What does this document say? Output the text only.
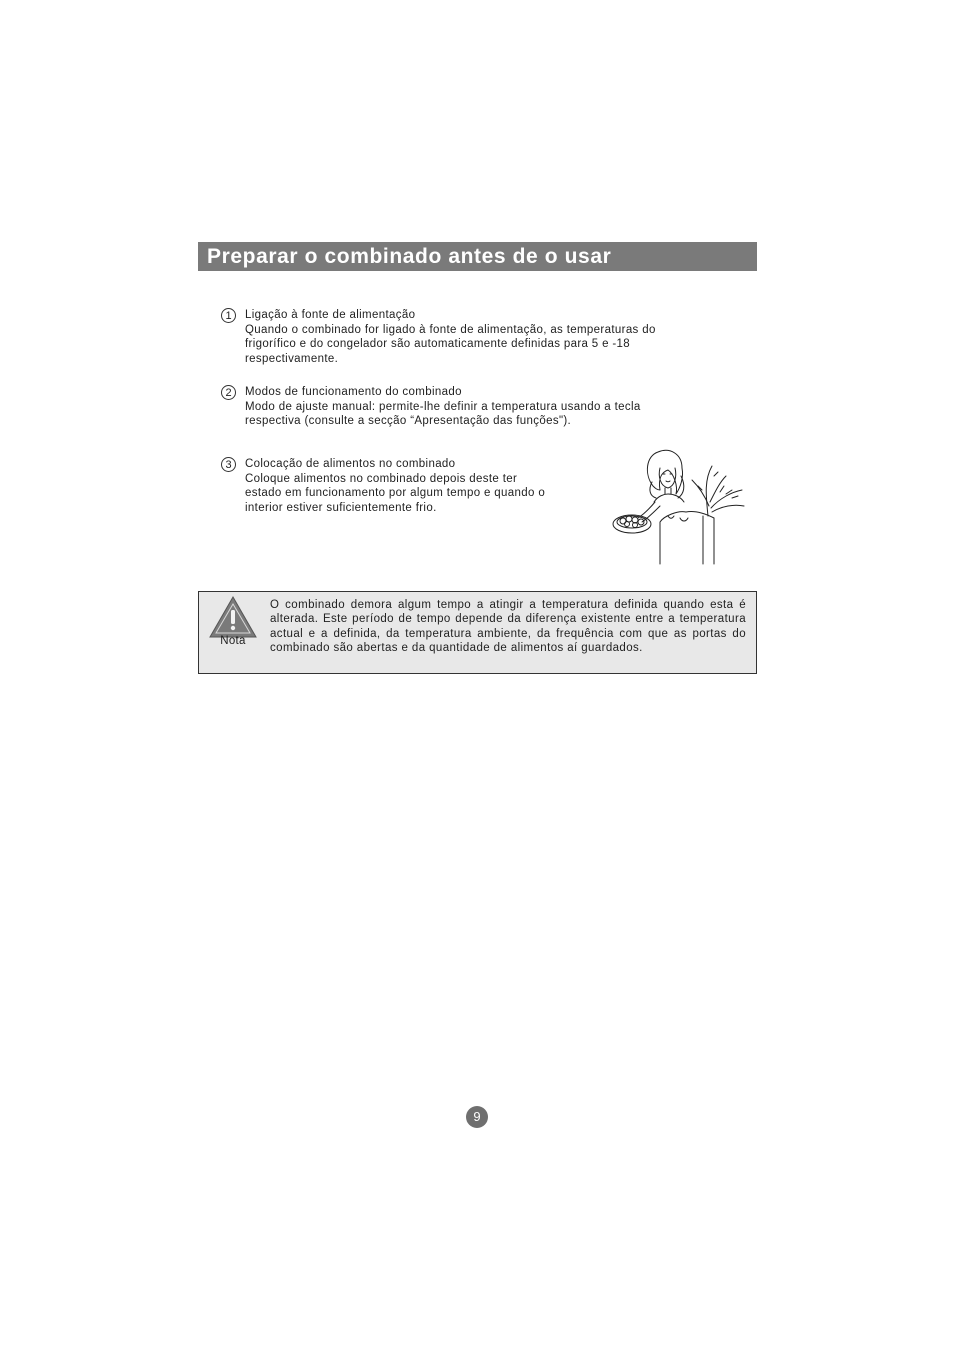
Preparar o combinado antes de o usar
1	Ligação à fonte de alimentação
Quando o combinado for ligado à fonte de alimentação, as temperaturas do
frigorífico e do congelador são automaticamente definidas para 5 e -18
respectivamente.
2	Modos de funcionamento do combinado
Modo de ajuste manual: permite-lhe definir a temperatura usando a tecla
respectiva (consulte a secção “Apresentação das funções").
3	Colocação de alimentos no combinado
Coloque alimentos no combinado depois deste ter
estado em funcionamento por algum tempo e quando o
interior estiver suficientemente frio.
Nota

O combinado demora algum tempo a atingir a temperatura definida quando esta é alterada. Este período de tempo depende da diferença existente entre a temperatura actual e a definida, da temperatura ambiente, da frequência com que as portas do combinado são abertas e da quantidade de alimentos aí guardados.

9
